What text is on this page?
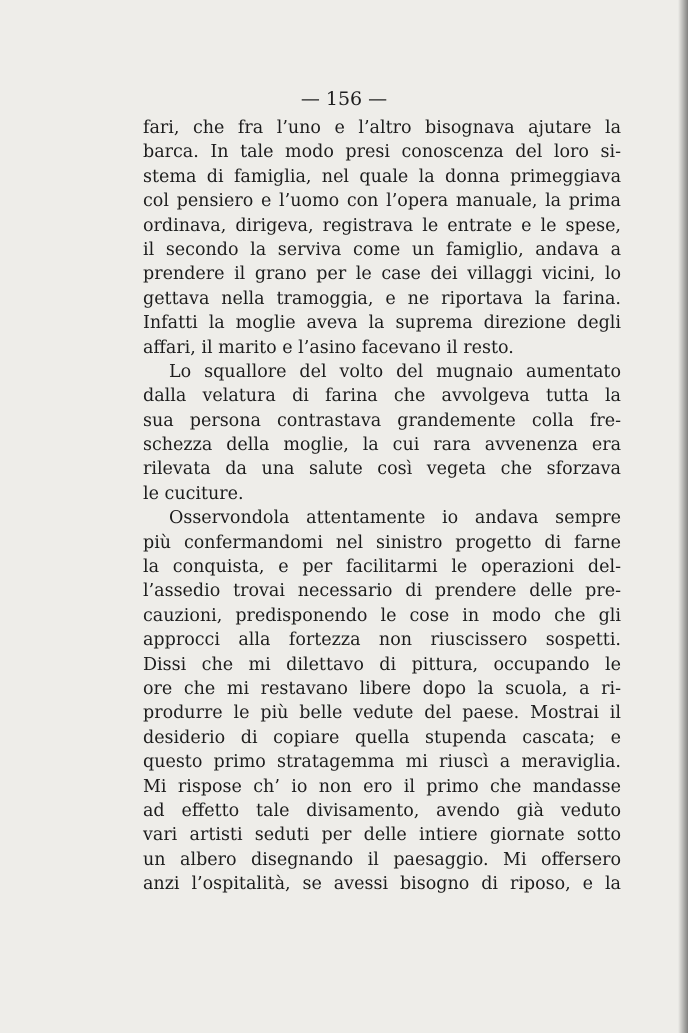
— 156 —
fari, che fra l’uno e l’altro bisognava ajutare la
barca. In tale modo presi conoscenza del loro si-
stema di famiglia, nel quale la donna primeggiava
col pensiero e l’uomo con l’opera manuale, la prima
ordinava, dirigeva, registrava le entrate e le spese,
il secondo la serviva come un famiglio, andava a
prendere il grano per le case dei villaggi vicini, lo
gettava nella tramoggia, e ne riportava la farina.
Infatti la moglie aveva la suprema direzione degli
affari, il marito e l’asino facevano il resto.
Lo squallore del volto del mugnaio aumentato
dalla velatura di farina che avvolgeva tutta la
sua persona contrastava grandemente colla fre-
schezza della moglie, la cui rara avvenenza era
rilevata da una salute così vegeta che sforzava
le cuciture.
Osservondola attentamente io andava sempre
più confermandomi nel sinistro progetto di farne
la conquista, e per facilitarmi le operazioni del-
l’assedio trovai necessario di prendere delle pre-
cauzioni, predisponendo le cose in modo che gli
approcci alla fortezza non riuscissero sospetti.
Dissi che mi dilettavo di pittura, occupando le
ore che mi restavano libere dopo la scuola, a ri-
produrre le più belle vedute del paese. Mostrai il
desiderio di copiare quella stupenda cascata; e
questo primo stratagemma mi riuscì a meraviglia.
Mi rispose ch’ io non ero il primo che mandasse
ad effetto tale divisamento, avendo già veduto
vari artisti seduti per delle intiere giornate sotto
un albero disegnando il paesaggio. Mi offersero
anzi l’ospitalità, se avessi bisogno di riposo, e la
